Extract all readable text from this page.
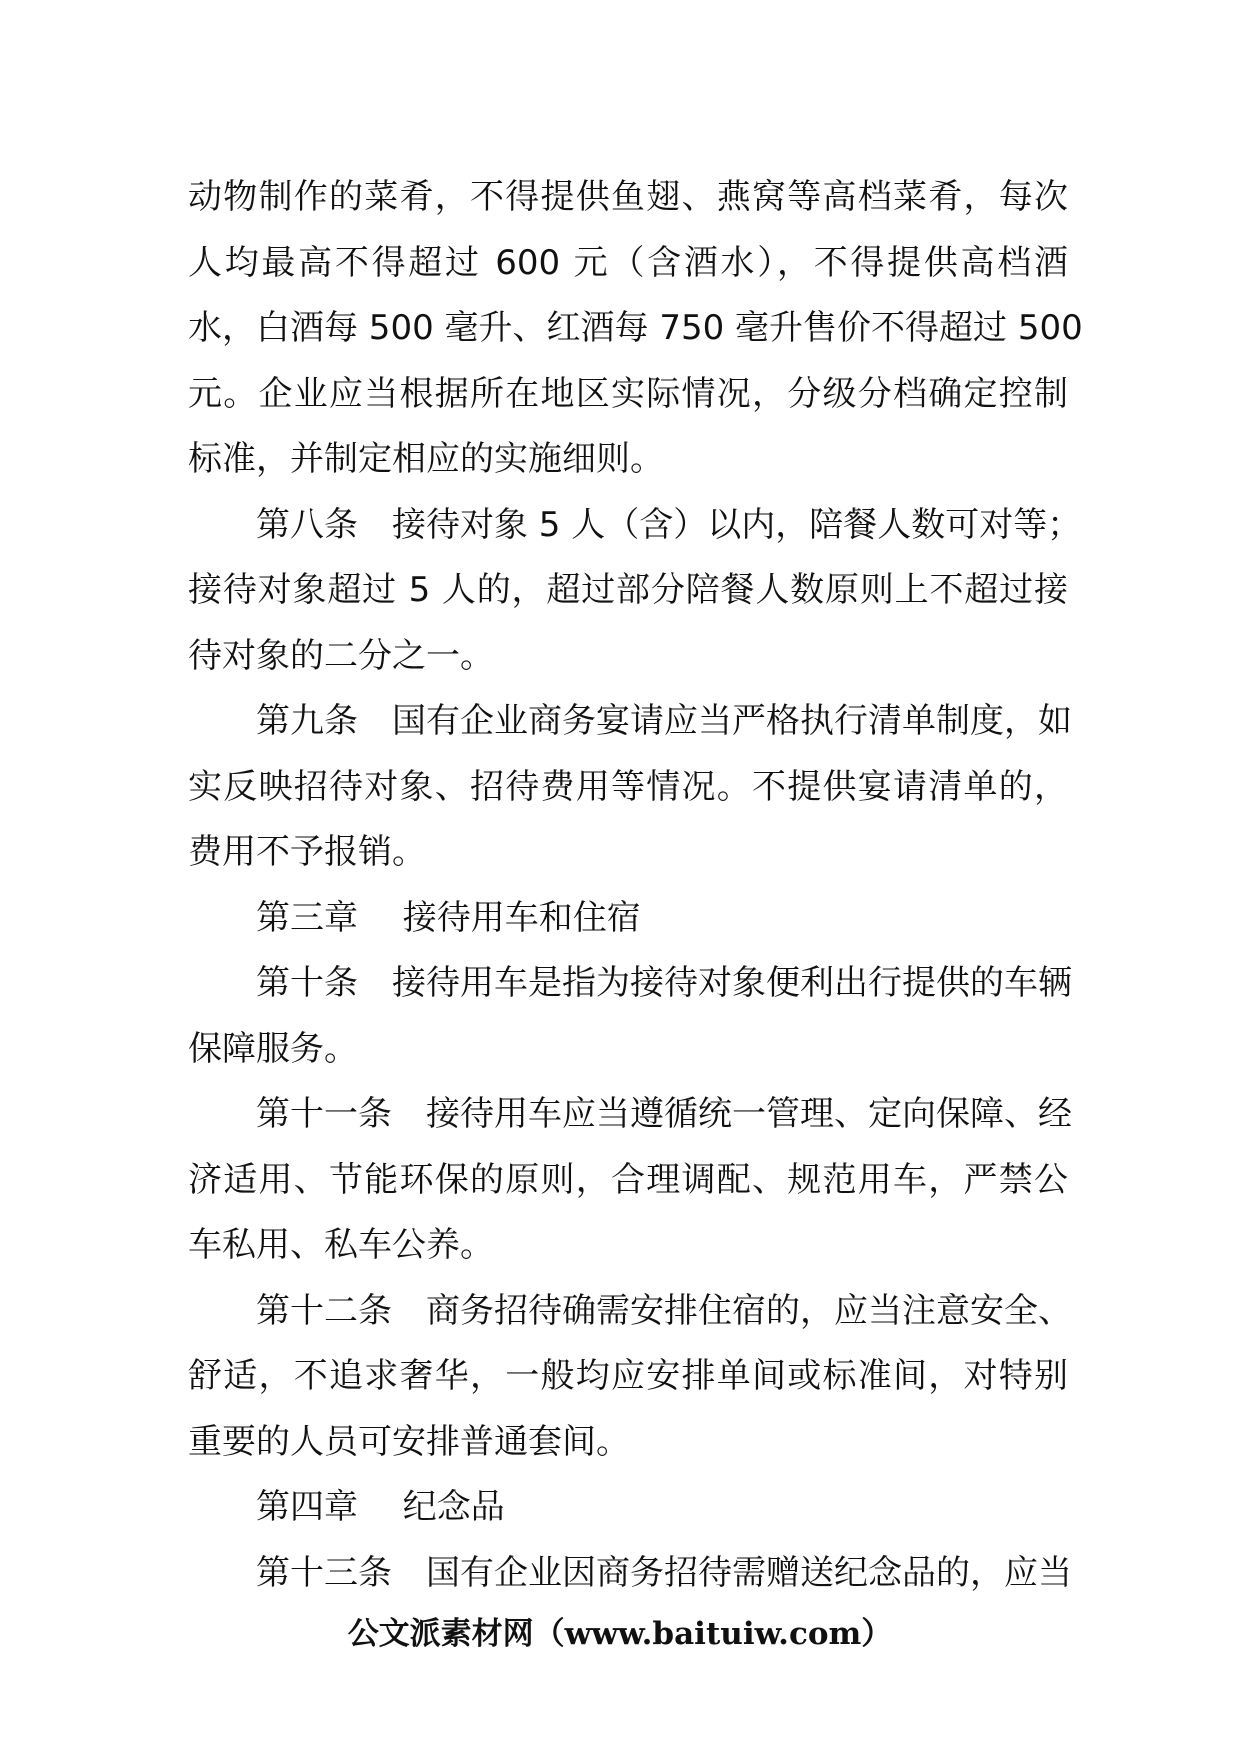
动物制作的菜肴，不得提供鱼翅、燕窝等高档菜肴，每次
人均最高不得超过 600 元（含酒水），不得提供高档酒
水，白酒每 500 毫升、红酒每 750 毫升售价不得超过 500
元。企业应当根据所在地区实际情况，分级分档确定控制
标准，并制定相应的实施细则。
第八条　接待对象 5 人（含）以内，陪餐人数可对等；
接待对象超过 5 人的，超过部分陪餐人数原则上不超过接
待对象的二分之一。
第九条　国有企业商务宴请应当严格执行清单制度，如
实反映招待对象、招待费用等情况。不提供宴请清单的，
费用不予报销。
第三章　 接待用车和住宿
第十条　接待用车是指为接待对象便利出行提供的车辆
保障服务。
第十一条　接待用车应当遵循统一管理、定向保障、经
济适用、节能环保的原则，合理调配、规范用车，严禁公
车私用、私车公养。
第十二条　商务招待确需安排住宿的，应当注意安全、
舒适，不追求奢华，一般均应安排单间或标准间，对特别
重要的人员可安排普通套间。
第四章　 纪念品
第十三条　国有企业因商务招待需赠送纪念品的，应当
公文派素材网（www.baituiw.com）
